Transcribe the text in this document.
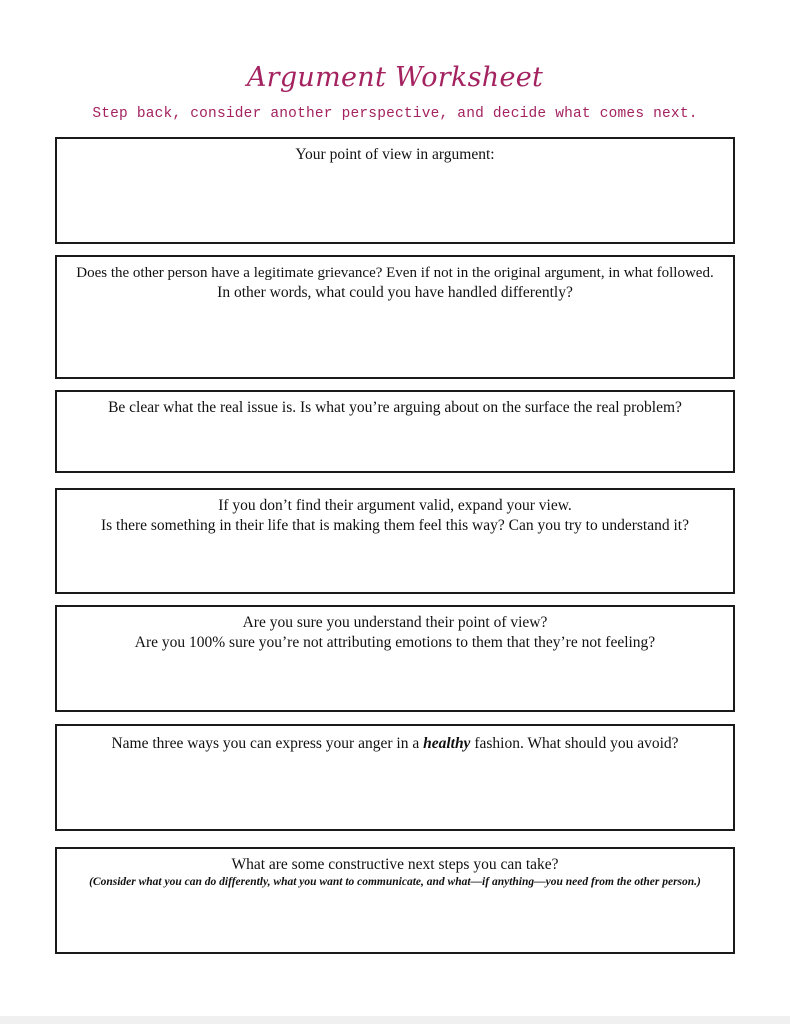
Argument Worksheet
Step back, consider another perspective, and decide what comes next.
Your point of view in argument:
Does the other person have a legitimate grievance? Even if not in the original argument, in what followed.
In other words, what could you have handled differently?
Be clear what the real issue is. Is what you’re arguing about on the surface the real problem?
If you don’t find their argument valid, expand your view.
Is there something in their life that is making them feel this way? Can you try to understand it?
Are you sure you understand their point of view?
Are you 100% sure you’re not attributing emotions to them that they’re not feeling?
Name three ways you can express your anger in a healthy fashion. What should you avoid?
What are some constructive next steps you can take?
(Consider what you can do differently, what you want to communicate, and what—if anything—you need from the other person.)
